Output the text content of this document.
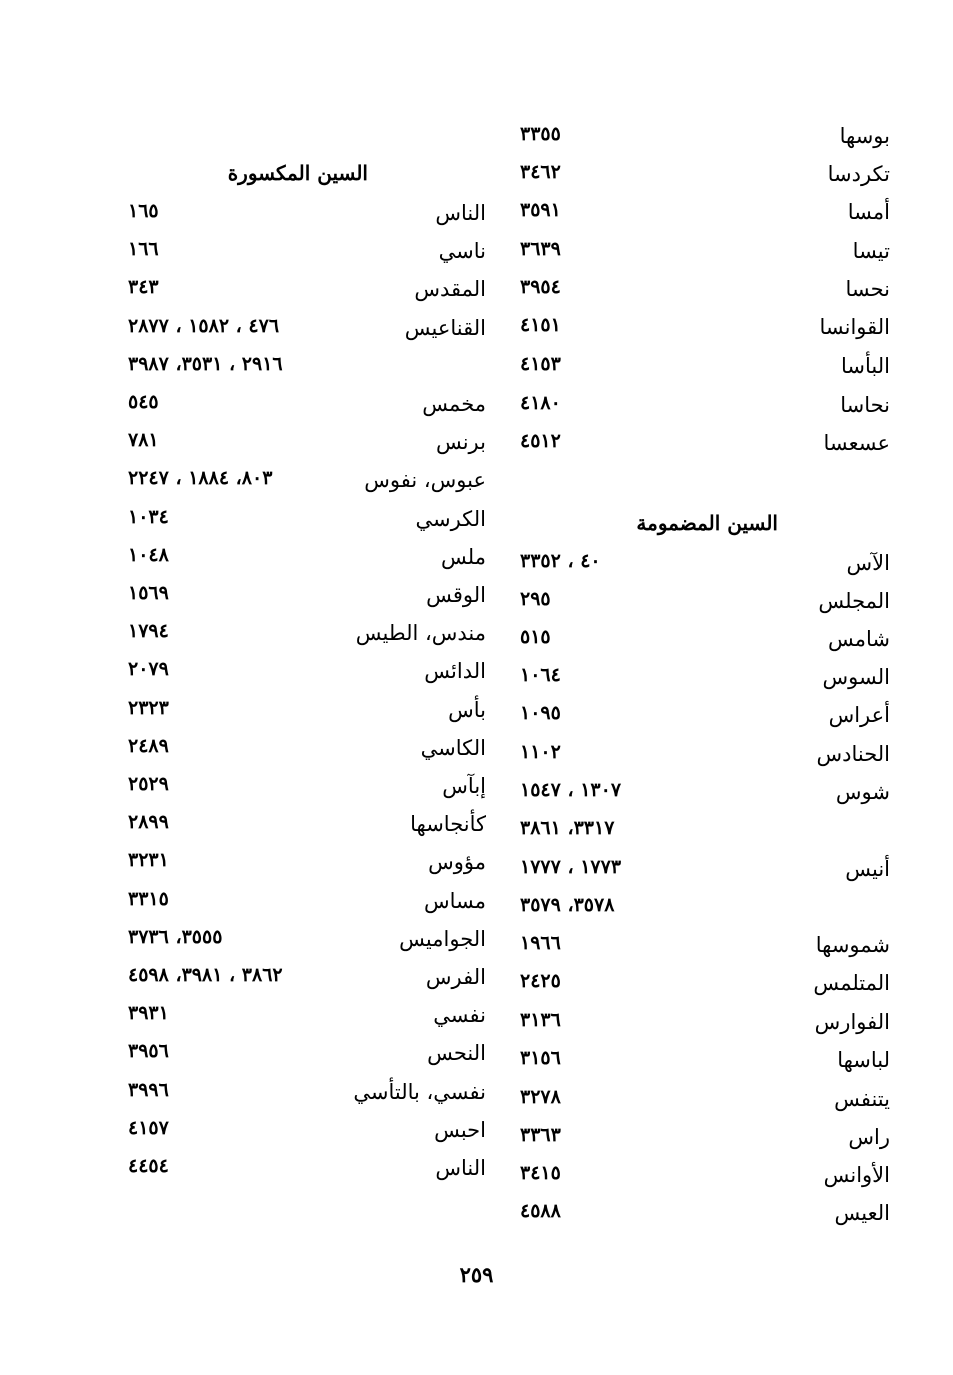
بوسها
٣٣٥٥
تكردسا
٣٤٦٢
أمسا
٣٥٩١
تيسا
٣٦٣٩
نحسا
٣٩٥٤
القوانسا
٤١٥١
البأسا
٤١٥٣
نحاسا
٤١٨٠
عسعسا
٤٥١٢
السين المضمومة
الآس
٤٠ ، ٣٣٥٢
المجلس
٢٩٥
شامس
٥١٥
السوس
١٠٦٤
أعراس
١٠٩٥
الحنادس
١١٠٢
شوس
١٣٠٧ ، ١٥٤٧
٣٣١٧، ٣٨٦١
أنيس
١٧٧٣ ، ١٧٧٧
٣٥٧٨، ٣٥٧٩
شموسها
١٩٦٦
المتلمس
٢٤٢٥
الفوارس
٣١٣٦
لباسها
٣١٥٦
يتنفس
٣٢٧٨
راس
٣٣٦٣
الأوانس
٣٤١٥
العيس
٤٥٨٨
السين المكسورة
الناس
١٦٥
ناسي
١٦٦
المقدس
٣٤٣
القناعيس
٤٧٦ ، ١٥٨٢ ، ٢٨٧٧
٢٩١٦ ، ٣٥٣١، ٣٩٨٧
مخمس
٥٤٥
برنس
٧٨١
عبوس، نفوس
٨٠٣، ١٨٨٤ ، ٢٢٤٧
الكرسي
١٠٣٤
ملس
١٠٤٨
الوقس
١٥٦٩
مندس، الطيس
١٧٩٤
الدائس
٢٠٧٩
بأس
٢٣٢٣
الكاسي
٢٤٨٩
إبآس
٢٥٢٩
كأنجاسها
٢٨٩٩
مؤوس
٣٢٣١
مساس
٣٣١٥
الجواميس
٣٥٥٥، ٣٧٣٦
الفرس
٣٨٦٢ ، ٣٩٨١، ٤٥٩٨
نفسي
٣٩٣١
النحس
٣٩٥٦
نفسي، بالتأسي
٣٩٩٦
احبس
٤١٥٧
الناس
٤٤٥٤
٢٥٩
